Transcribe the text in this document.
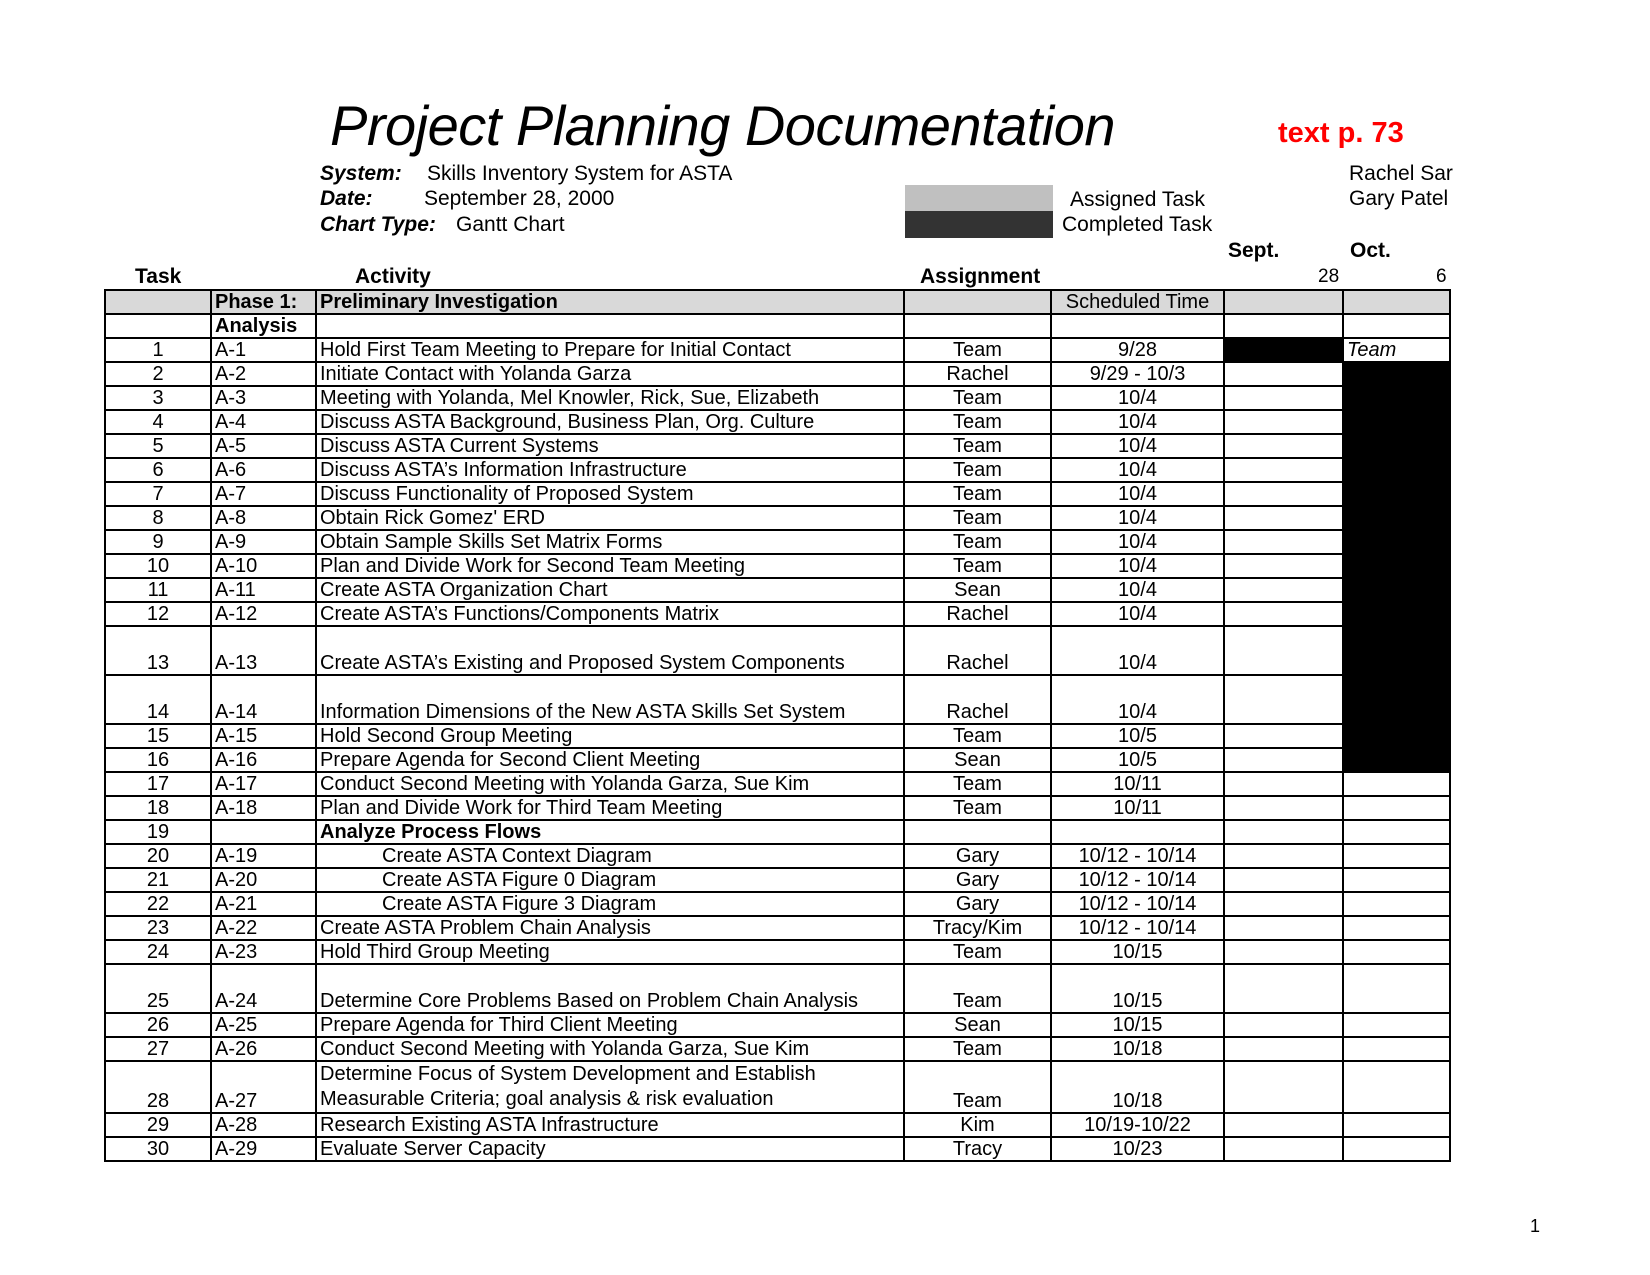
Project Planning Documentation	text p. 73
System: Skills Inventory System for ASTA
Date: September 28, 2000
Chart Type: Gantt Chart
Assigned Task
Completed Task
Rachel Sar
Gary Patel
Task	Activity	Assignment
Sept.	Oct.
28	6
	Phase 1:	Preliminary Investigation		Scheduled Time		
	Analysis					
1	A-1	Hold First Team Meeting to Prepare for Initial Contact	Team	9/28		Team
2	A-2	Initiate Contact with Yolanda Garza	Rachel	9/29 - 10/3		
3	A-3	Meeting with Yolanda, Mel Knowler, Rick, Sue, Elizabeth	Team	10/4		
4	A-4	Discuss ASTA Background, Business Plan, Org. Culture	Team	10/4		
5	A-5	Discuss ASTA Current Systems	Team	10/4		
6	A-6	Discuss ASTA’s Information Infrastructure	Team	10/4		
7	A-7	Discuss Functionality of Proposed System	Team	10/4		
8	A-8	Obtain Rick Gomez' ERD	Team	10/4		
9	A-9	Obtain Sample Skills Set Matrix Forms	Team	10/4		
10	A-10	Plan and Divide Work for Second Team Meeting	Team	10/4		
11	A-11	Create ASTA Organization Chart	Sean	10/4		
12	A-12	Create ASTA’s Functions/Components Matrix	Rachel	10/4		
13	A-13	Create ASTA’s Existing and Proposed System Components	Rachel	10/4		
14	A-14	Information Dimensions of the New ASTA Skills Set System	Rachel	10/4		
15	A-15	Hold Second Group Meeting	Team	10/5		
16	A-16	Prepare Agenda for Second Client Meeting	Sean	10/5		
17	A-17	Conduct Second Meeting with Yolanda Garza, Sue Kim	Team	10/11		
18	A-18	Plan and Divide Work for Third Team Meeting	Team	10/11		
19		Analyze Process Flows				
20	A-19	Create ASTA Context Diagram	Gary	10/12 - 10/14		
21	A-20	Create ASTA Figure 0 Diagram	Gary	10/12 - 10/14		
22	A-21	Create ASTA Figure 3 Diagram	Gary	10/12 - 10/14		
23	A-22	Create ASTA Problem Chain Analysis	Tracy/Kim	10/12 - 10/14		
24	A-23	Hold Third Group Meeting	Team	10/15		
25	A-24	Determine Core Problems Based on Problem Chain Analysis	Team	10/15		
26	A-25	Prepare Agenda for Third Client Meeting	Sean	10/15		
27	A-26	Conduct Second Meeting with Yolanda Garza, Sue Kim	Team	10/18		
28	A-27	Determine Focus of System Development and Establish Measurable Criteria; goal analysis & risk evaluation	Team	10/18		
29	A-28	Research Existing ASTA Infrastructure	Kim	10/19-10/22		
30	A-29	Evaluate Server Capacity	Tracy	10/23		
1
